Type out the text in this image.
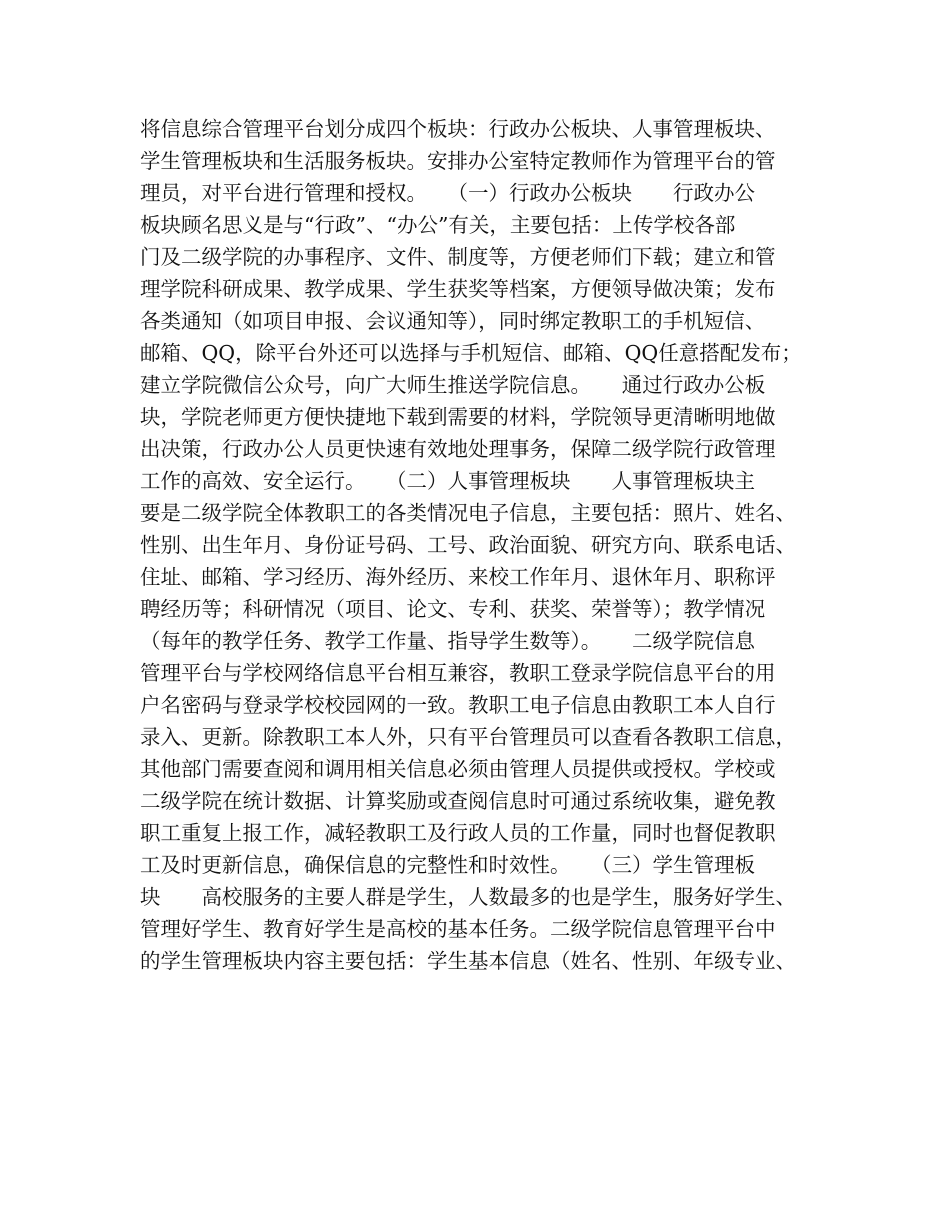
将信息综合管理平台划分成四个板块：行政办公板块、人事管理板块、
学生管理板块和生活服务板块。安排办公室特定教师作为管理平台的管
理员，对平台进行管理和授权。　　（一）行政办公板块　　行政办公
板块顾名思义是与“行政”、“办公”有关，主要包括：上传学校各部
门及二级学院的办事程序、文件、制度等，方便老师们下载；建立和管
理学院科研成果、教学成果、学生获奖等档案，方便领导做决策；发布
各类通知（如项目申报、会议通知等），同时绑定教职工的手机短信、
邮箱、QQ，除平台外还可以选择与手机短信、邮箱、QQ任意搭配发布；
建立学院微信公众号，向广大师生推送学院信息。　　通过行政办公板
块，学院老师更方便快捷地下载到需要的材料，学院领导更清晰明地做
出决策，行政办公人员更快速有效地处理事务，保障二级学院行政管理
工作的高效、安全运行。　　（二）人事管理板块　　人事管理板块主
要是二级学院全体教职工的各类情况电子信息，主要包括：照片、姓名、
性别、出生年月、身份证号码、工号、政治面貌、研究方向、联系电话、
住址、邮箱、学习经历、海外经历、来校工作年月、退休年月、职称评
聘经历等；科研情况（项目、论文、专利、获奖、荣誉等）；教学情况
（每年的教学任务、教学工作量、指导学生数等）。　　二级学院信息
管理平台与学校网络信息平台相互兼容，教职工登录学院信息平台的用
户名密码与登录学校校园网的一致。教职工电子信息由教职工本人自行
录入、更新。除教职工本人外，只有平台管理员可以查看各教职工信息，
其他部门需要查阅和调用相关信息必须由管理人员提供或授权。学校或
二级学院在统计数据、计算奖励或查阅信息时可通过系统收集，避免教
职工重复上报工作，减轻教职工及行政人员的工作量，同时也督促教职
工及时更新信息，确保信息的完整性和时效性。　　（三）学生管理板
块　　高校服务的主要人群是学生，人数最多的也是学生，服务好学生、
管理好学生、教育好学生是高校的基本任务。二级学院信息管理平台中
的学生管理板块内容主要包括：学生基本信息（姓名、性别、年级专业、
